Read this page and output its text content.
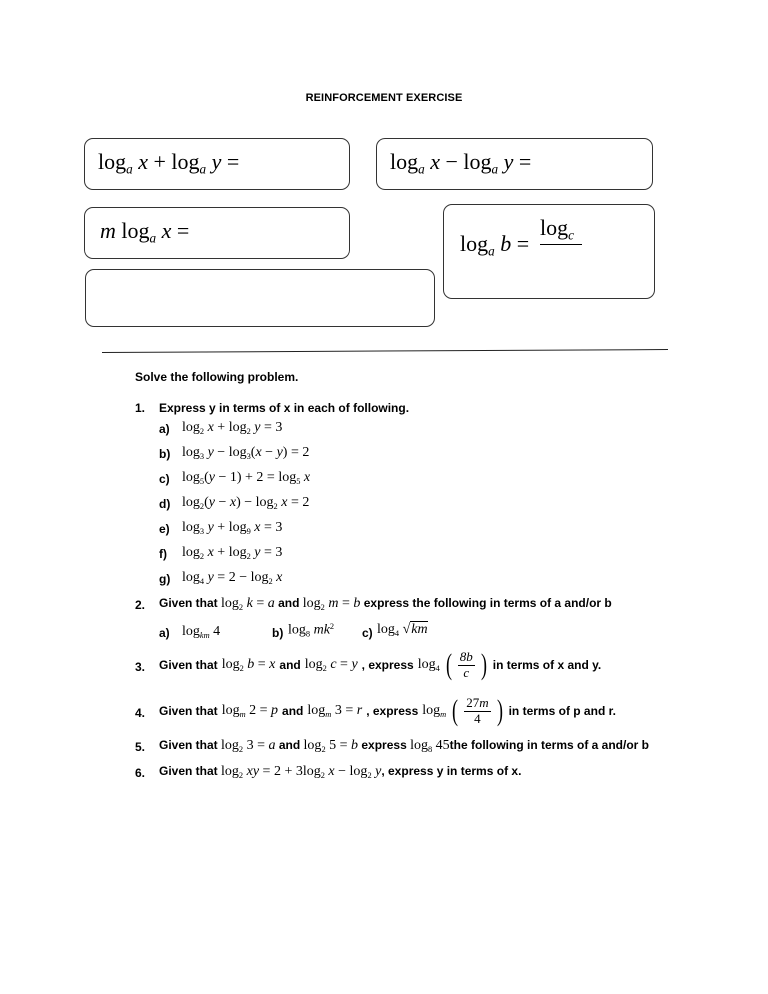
REINFORCEMENT EXERCISE
$\log_a x + \log_a y$ =	$\log_a x - \log_a y$ =
m $\log_a x$ =
$\log_a b$ =
$\log_c$
Solve the following problem.
1. Express y in terms of x in each of following.
a) $\log_2 x + \log_2 y = 3$
b) $\log_3 y - \log_3(x - y) = 2$
c) $\log_5(y - 1) + 2 = \log_5 x$
d) $\log_2(y - x) - \log_2 x = 2$
e) $\log_3 y + \log_9 x = 3$
f) $\log_2 x + \log_2 y = 3$
g) $\log_4 y = 2 - \log_2 x$
2. Given that $\log_2 k = a$ and $\log_2 m = b$ express the following in terms of a and/or b
a) $\log_{km} 4$	b) $\log_8 mk^2$ c) $\log_4 √km$
3. Given that $\log_2 b = x$ and $\log_2 c = y$ , express $\log_4$ ( $\frac{8b}{c}$ ) in terms of x and y.
4. Given that $\log_m 2 = p$ and $\log_m 3 = r$ , express $\log_m$ ( $\frac{27m}{4}$ ) in terms of p and r.
5. Given that $\log_2 3 = a$ and $\log_2 5 = b$ express $\log_8 45the$ following in terms of a and/or b
6. Given that $\log_2$ xy = $2 + 3\log_2$ $x - \log_2 y$, express y in terms of x.
